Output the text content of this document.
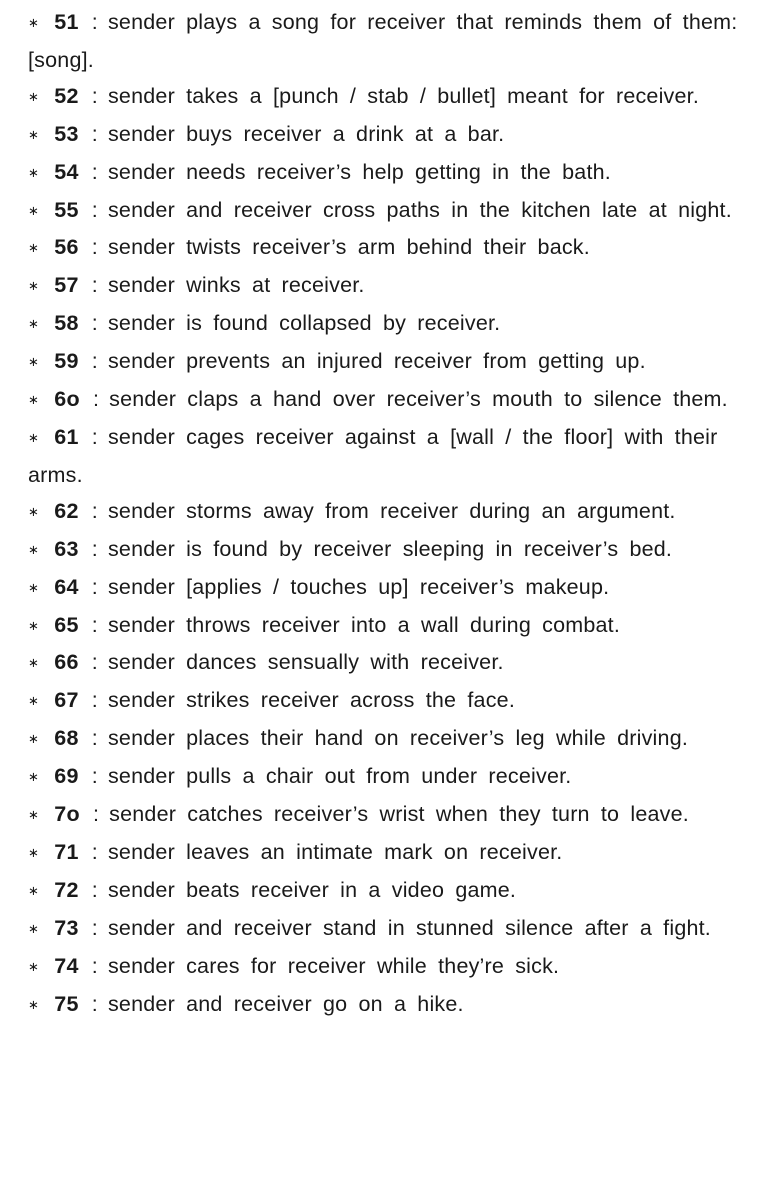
∗ 51 : sender plays a song for receiver that reminds them of them: [song].
∗ 52 : sender takes a [punch / stab / bullet] meant for receiver.
∗ 53 : sender buys receiver a drink at a bar.
∗ 54 : sender needs receiver’s help getting in the bath.
∗ 55 : sender and receiver cross paths in the kitchen late at night.
∗ 56 : sender twists receiver’s arm behind their back.
∗ 57 : sender winks at receiver.
∗ 58 : sender is found collapsed by receiver.
∗ 59 : sender prevents an injured receiver from getting up.
∗ 6o : sender claps a hand over receiver’s mouth to silence them.
∗ 61 : sender cages receiver against a [wall / the floor] with their arms.
∗ 62 : sender storms away from receiver during an argument.
∗ 63 : sender is found by receiver sleeping in receiver’s bed.
∗ 64 : sender [applies / touches up] receiver’s makeup.
∗ 65 : sender throws receiver into a wall during combat.
∗ 66 : sender dances sensually with receiver.
∗ 67 : sender strikes receiver across the face.
∗ 68 : sender places their hand on receiver’s leg while driving.
∗ 69 : sender pulls a chair out from under receiver.
∗ 7o : sender catches receiver’s wrist when they turn to leave.
∗ 71 : sender leaves an intimate mark on receiver.
∗ 72 : sender beats receiver in a video game.
∗ 73 : sender and receiver stand in stunned silence after a fight.
∗ 74 : sender cares for receiver while they’re sick.
∗ 75 : sender and receiver go on a hike.
